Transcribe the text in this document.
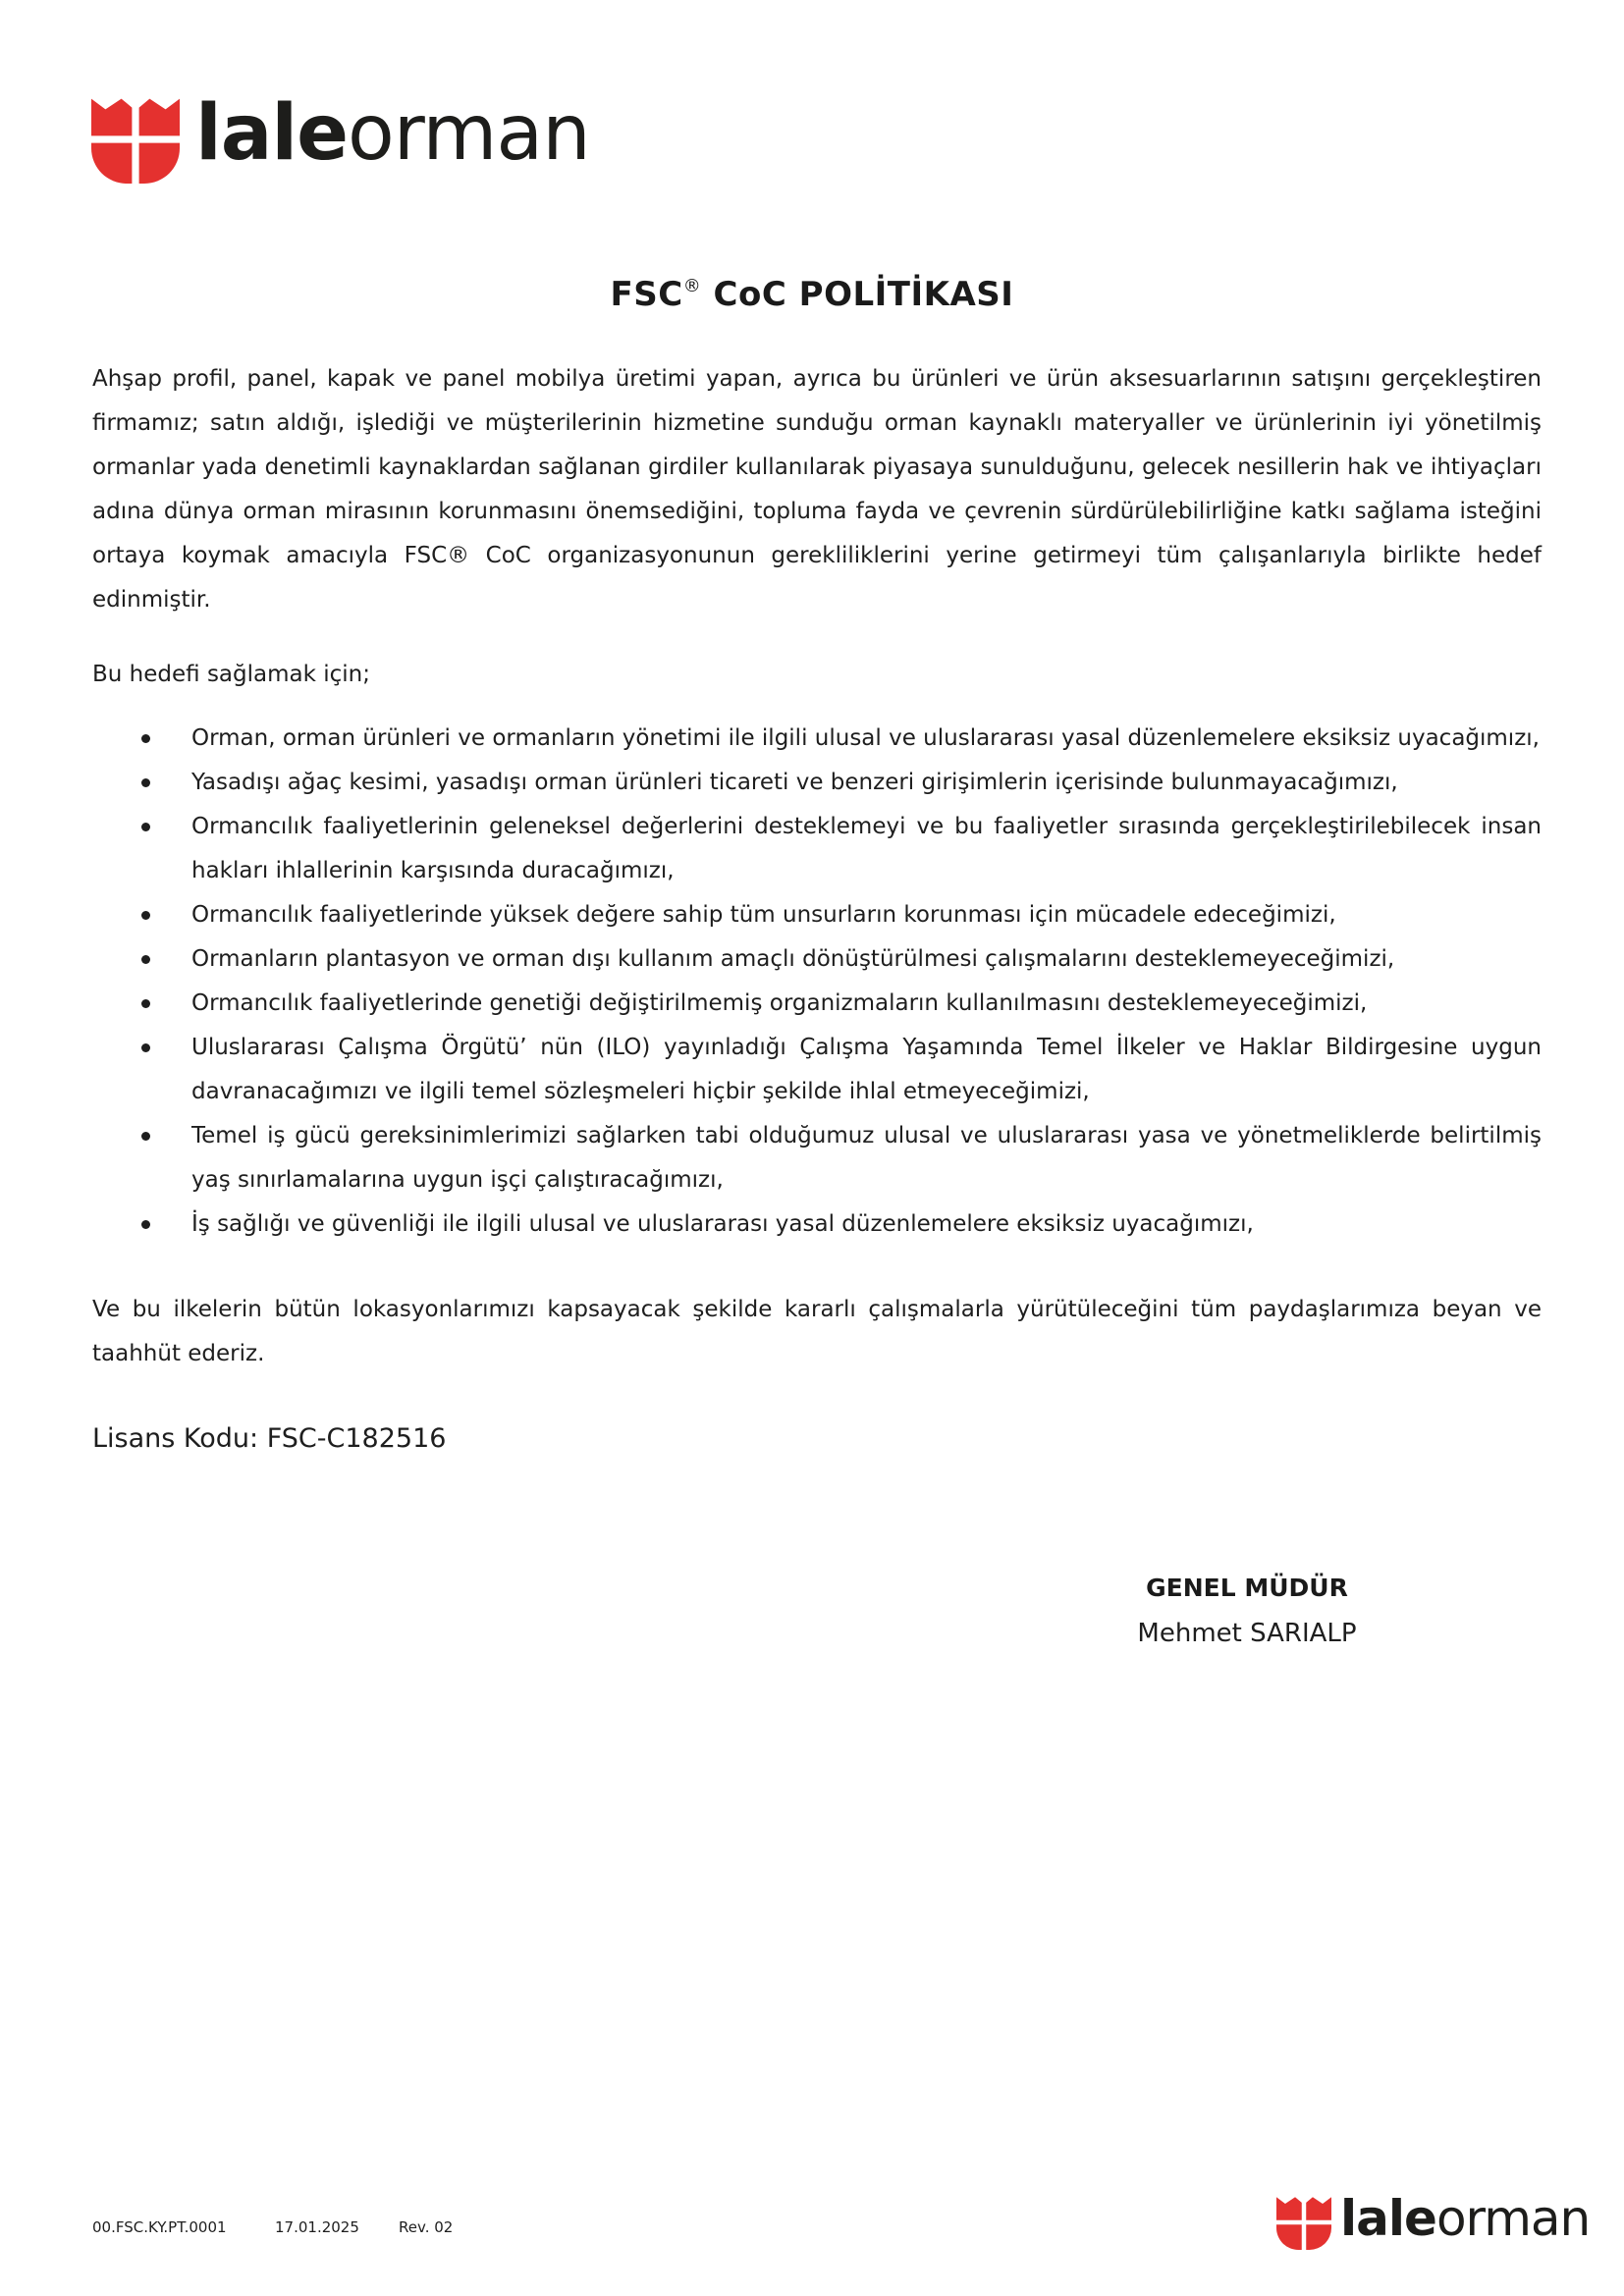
laleorman
FSC® CoC POLİTİKASI

Ahşap profil, panel, kapak ve panel mobilya üretimi yapan, ayrıca bu ürünleri ve ürün aksesuarlarının satışını gerçekleştiren firmamız; satın aldığı, işlediği ve müşterilerinin hizmetine sunduğu orman kaynaklı materyaller ve ürünlerinin iyi yönetilmiş ormanlar yada denetimli kaynaklardan sağlanan girdiler kullanılarak piyasaya sunulduğunu, gelecek nesillerin hak ve ihtiyaçları adına dünya orman mirasının korunmasını önemsediğini, topluma fayda ve çevrenin sürdürülebilirliğine katkı sağlama isteğini ortaya koymak amacıyla FSC® CoC organizasyonunun gerekliliklerini yerine getirmeyi tüm çalışanlarıyla birlikte hedef edinmiştir.

Bu hedefi sağlamak için;

Orman, orman ürünleri ve ormanların yönetimi ile ilgili ulusal ve uluslararası yasal düzenlemelere eksiksiz uyacağımızı,
Yasadışı ağaç kesimi, yasadışı orman ürünleri ticareti ve benzeri girişimlerin içerisinde bulunmayacağımızı,
Ormancılık faaliyetlerinin geleneksel değerlerini desteklemeyi ve bu faaliyetler sırasında gerçekleştirilebilecek insan hakları ihlallerinin karşısında duracağımızı,
Ormancılık faaliyetlerinde yüksek değere sahip tüm unsurların korunması için mücadele edeceğimizi,
Ormanların plantasyon ve orman dışı kullanım amaçlı dönüştürülmesi çalışmalarını desteklemeyeceğimizi,
Ormancılık faaliyetlerinde genetiği değiştirilmemiş organizmaların kullanılmasını desteklemeyeceğimizi,
Uluslararası Çalışma Örgütü’ nün (ILO) yayınladığı Çalışma Yaşamında Temel İlkeler ve Haklar Bildirgesine uygun davranacağımızı ve ilgili temel sözleşmeleri hiçbir şekilde ihlal etmeyeceğimizi,
Temel iş gücü gereksinimlerimizi sağlarken tabi olduğumuz ulusal ve uluslararası yasa ve yönetmeliklerde belirtilmiş yaş sınırlamalarına uygun işçi çalıştıracağımızı,
İş sağlığı ve güvenliği ile ilgili ulusal ve uluslararası yasal düzenlemelere eksiksiz uyacağımızı,

Ve bu ilkelerin bütün lokasyonlarımızı kapsayacak şekilde kararlı çalışmalarla yürütüleceğini tüm paydaşlarımıza beyan ve taahhüt ederiz.

Lisans Kodu: FSC-C182516
GENEL MÜDÜR
Mehmet SARIALP
00.FSC.KY.PT.0001	17.01.2025	Rev. 02	laleorman
